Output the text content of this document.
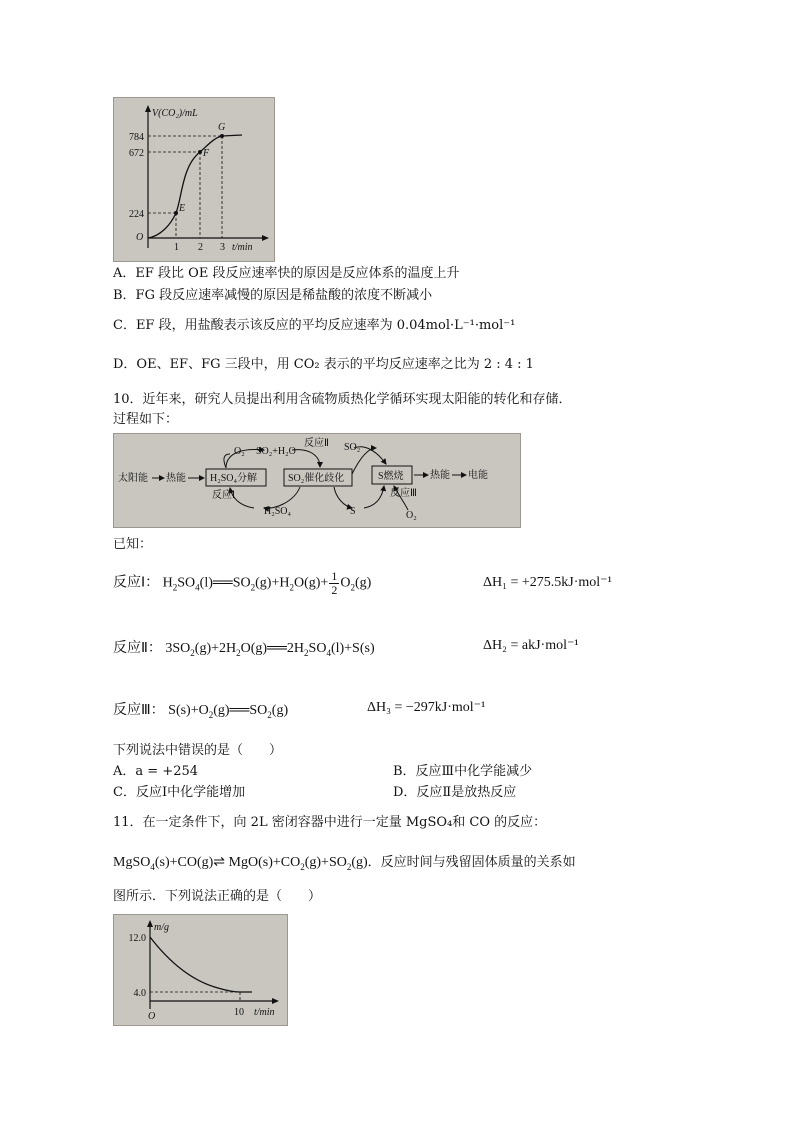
V(CO₂)/mL
784
672
224
O
1 2 3 t/min
E
F
G
A．EF 段比 OE 段反应速率快的原因是反应体系的温度上升
B．FG 段反应速率减慢的原因是稀盐酸的浓度不断减小
C．EF 段，用盐酸表示该反应的平均反应速率为 0.04mol·L⁻¹·mol⁻¹
D．OE、EF、FG 三段中，用 CO₂ 表示的平均反应速率之比为 2 : 4 : 1
10．近年来，研究人员提出利用含硫物质热化学循环实现太阳能的转化和存储．
过程如下：
太阳能 热能 H₂SO₄分解	SO₂催化歧化	S燃烧	热能 电能
O₂ SO₂+H₂O
反应Ⅱ SO₂
反应Ⅰ	反应Ⅲ
H₂SO₄	S	O₂
已知：
反应Ⅰ： $H_2SO_4(l)══SO_2(g)+H_2O(g)+ \frac{1}{2} O_2(g)$	ΔH₁ = +275.5kJ·mol⁻¹
反应Ⅱ： $3SO_2(g)+2H_2O(g)══2H_2SO_4(l)+S(s)$	ΔH₂ = akJ·mol⁻¹
反应Ⅲ： $S(s)+O_2(g)══SO_2(g)$	ΔH₃ = −297kJ·mol⁻¹
下列说法中错误的是（　　）
A．a = +254	B．反应Ⅲ中化学能减少
C．反应Ⅰ中化学能增加	D．反应Ⅱ是放热反应
11．在一定条件下，向 2L 密闭容器中进行一定量 MgSO₄和 CO 的反应：
MgSO$_4$(s)+CO(g)⇌ $MgO(s)+CO_2(g)+SO_2(g)$．反应时间与残留固体质量的关系如
图所示．下列说法正确的是（　　）
m/g
12.0
4.0
O	10 t/min
